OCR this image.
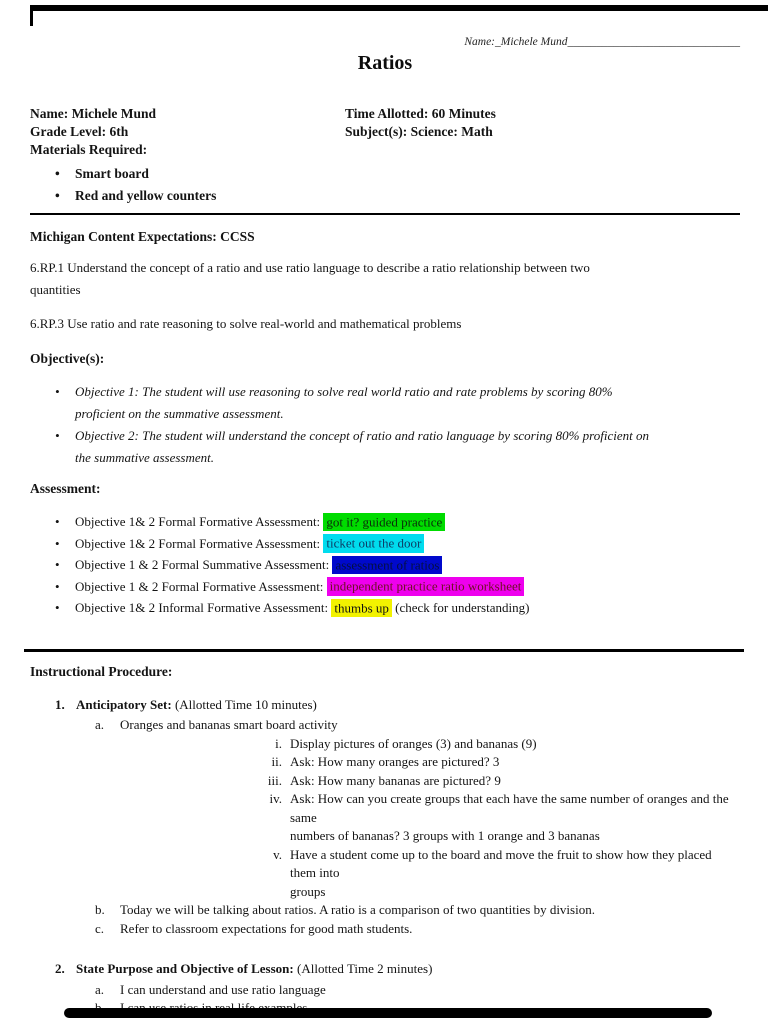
Name:_Michele Mund______________________________
Ratios
Name: Michele Mund	Time Allotted: 60 Minutes
Grade Level: 6th	Subject(s): Science: Math
Materials Required:
• Smart board
• Red and yellow counters
Michigan Content Expectations: CCSS
6.RP.1 Understand the concept of a ratio and use ratio language to describe a ratio relationship between two
quantities
6.RP.3 Use ratio and rate reasoning to solve real-world and mathematical problems
Objective(s):
• Objective 1: The student will use reasoning to solve real world ratio and rate problems by scoring 80%
proficient on the summative assessment.
• Objective 2: The student will understand the concept of ratio and ratio language by scoring 80% proficient on
the summative assessment.
Assessment:
• Objective 1& 2 Formal Formative Assessment: got it? guided practice
• Objective 1& 2 Formal Formative Assessment: ticket out the door
• Objective 1 & 2 Formal Summative Assessment: assessment of ratios
• Objective 1 & 2 Formal Formative Assessment: independent practice ratio worksheet
• Objective 1& 2 Informal Formative Assessment: thumbs up (check for understanding)
Instructional Procedure:
1. Anticipatory Set: (Allotted Time 10 minutes)
a.	Oranges and bananas smart board activity
i. Display pictures of oranges (3) and bananas (9)
ii. Ask: How many oranges are pictured? 3
iii. Ask: How many bananas are pictured? 9
iv. Ask: How can you create groups that each have the same number of oranges and the same
numbers of bananas? 3 groups with 1 orange and 3 bananas
v. Have a student come up to the board and move the fruit to show how they placed them into
groups
b.	Today we will be talking about ratios. A ratio is a comparison of two quantities by division.
c.	Refer to classroom expectations for good math students.
2. State Purpose and Objective of Lesson: (Allotted Time 2 minutes)
a.	I can understand and use ratio language
